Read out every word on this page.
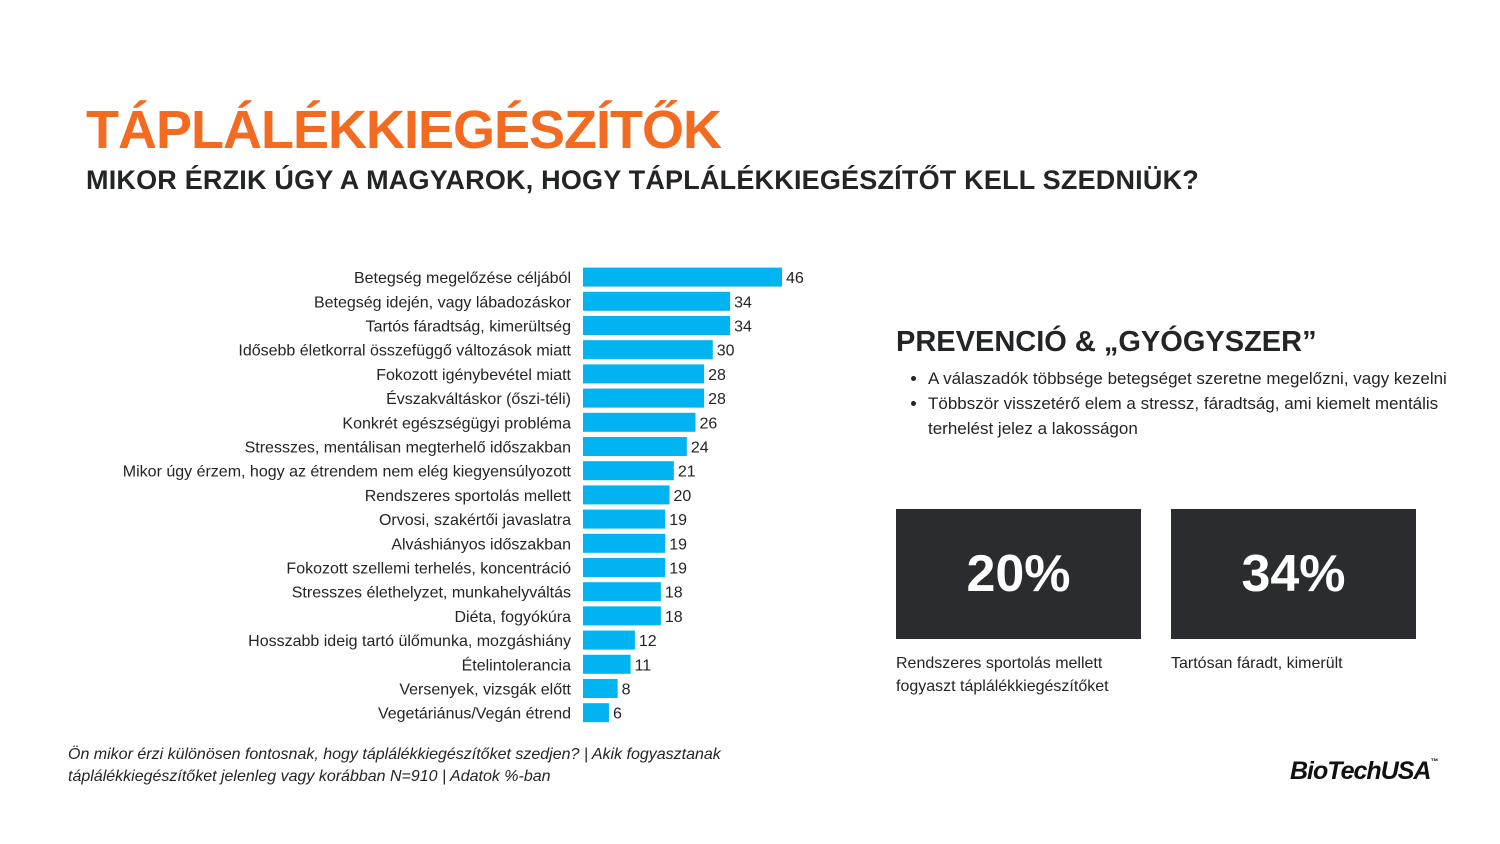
TÁPLÁLÉKKIEGÉSZÍTŐK
MIKOR ÉRZIK ÚGY A MAGYAROK, HOGY TÁPLÁLÉKKIEGÉSZÍTŐT KELL SZEDNIÜK?
Betegség megelőzése céljából	46
Betegség idején, vagy lábadozáskor	34
Tartós fáradtság, kimerültség	34
Idősebb életkorral összefüggő változások miatt	30
Fokozott igénybevétel miatt	28
Évszakváltáskor (őszi-téli)	28
Konkrét egészségügyi probléma	26
Stresszes, mentálisan megterhelő időszakban	24
Mikor úgy érzem, hogy az étrendem nem elég kiegyensúlyozott	21
Rendszeres sportolás mellett	20
Orvosi, szakértői javaslatra	19
Alváshiányos időszakban	19
Fokozott szellemi terhelés, koncentráció	19
Stresszes élethelyzet, munkahelyváltás	18
Diéta, fogyókúra	18
Hosszabb ideig tartó ülőmunka, mozgáshiány	12
Ételintolerancia	11
Versenyek, vizsgák előtt	8
Vegetáriánus/Vegán étrend	6
PREVENCIÓ & „GYÓGYSZER”
• A válaszadók többsége betegséget szeretne megelőzni, vagy kezelni
• Többször visszetérő elem a stressz, fáradtság, ami kiemelt mentális terhelést jelez a lakosságon
20%
Rendszeres sportolás mellett fogyaszt táplálékkiegészítőket
34%
Tartósan fáradt, kimerült
Ön mikor érzi különösen fontosnak, hogy táplálékkiegészítőket szedjen? | Akik fogyasztanak táplálékkiegészítőket jelenleg vagy korábban N=910 | Adatok %-ban	BioTechUSA™
